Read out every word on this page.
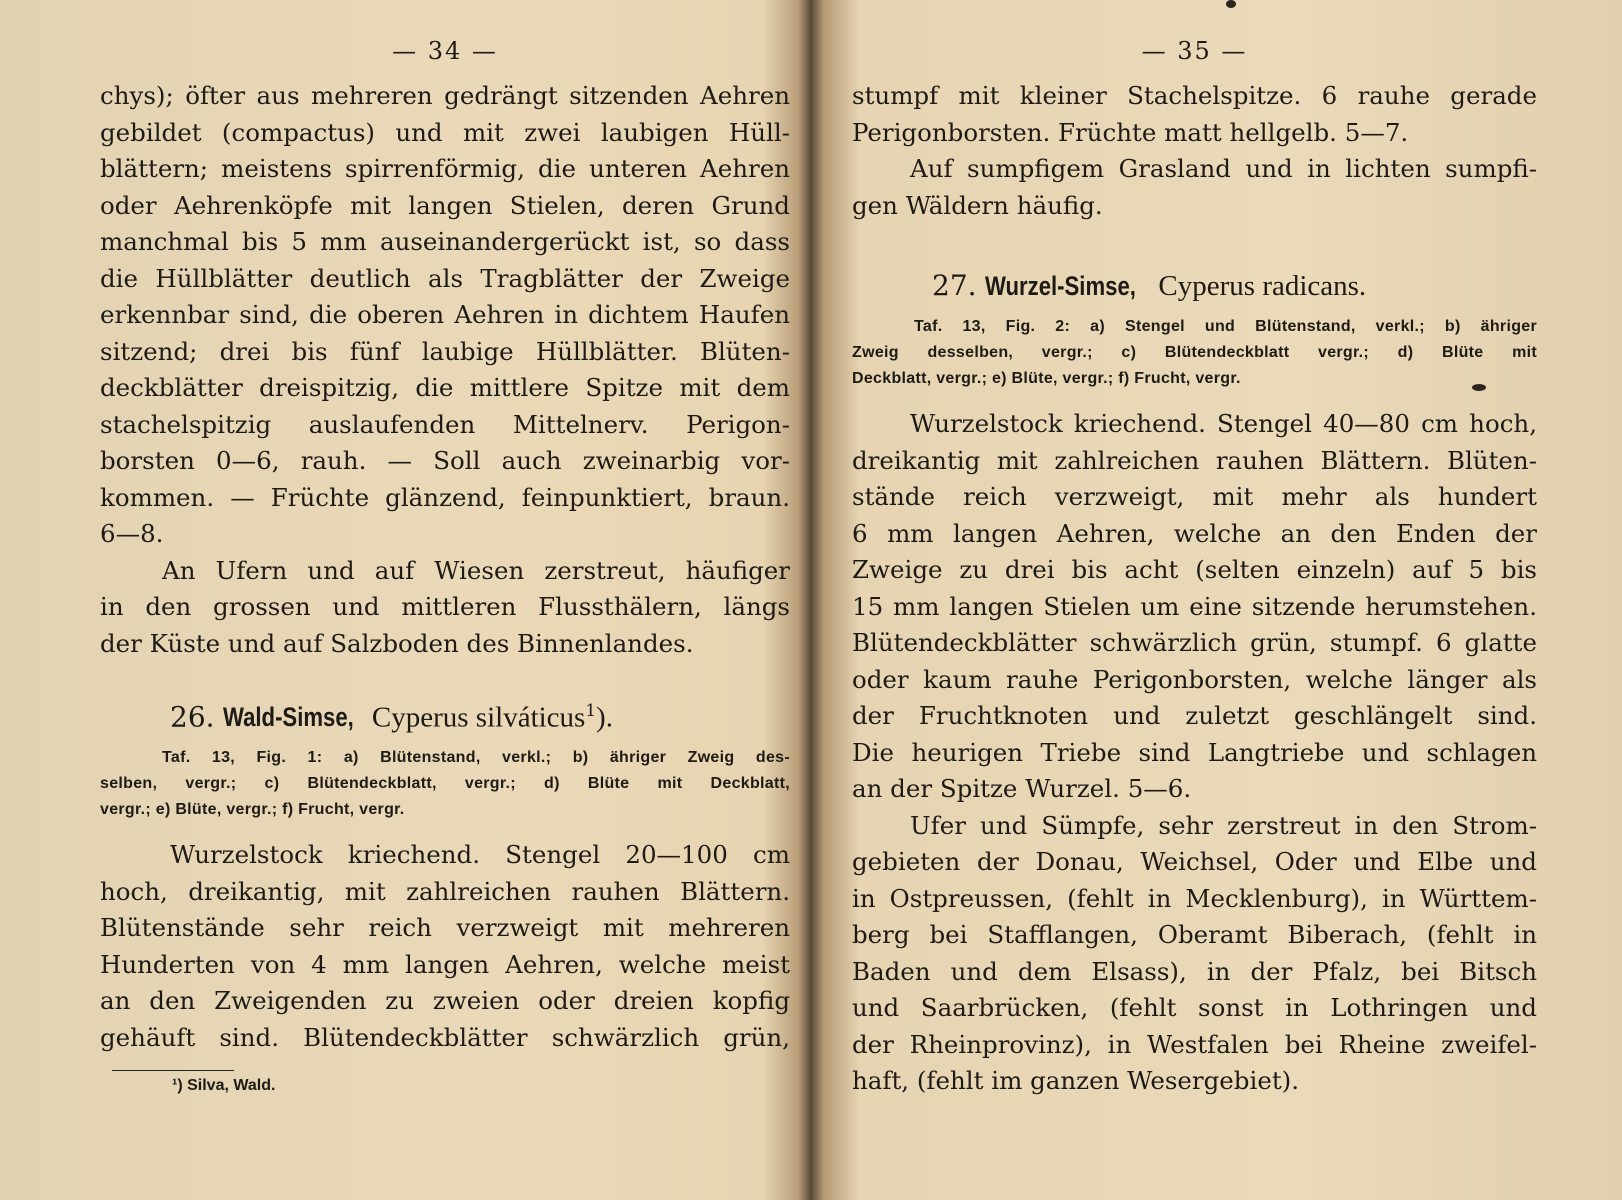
— 34 —

chys); öfter aus mehreren gedrängt sitzenden Aehren
gebildet (compactus) und mit zwei laubigen Hüll-
blättern; meistens spirrenförmig, die unteren Aehren
oder Aehrenköpfe mit langen Stielen, deren Grund
manchmal bis 5 mm auseinandergerückt ist, so dass
die Hüllblätter deutlich als Tragblätter der Zweige
erkennbar sind, die oberen Aehren in dichtem Haufen
sitzend; drei bis fünf laubige Hüllblätter. Blüten-
deckblätter dreispitzig, die mittlere Spitze mit dem
stachelspitzig auslaufenden Mittelnerv. Perigon-
borsten 0—6, rauh. — Soll auch zweinarbig vor-
kommen. — Früchte glänzend, feinpunktiert, braun.
6—8.

An Ufern und auf Wiesen zerstreut, häufiger
in den grossen und mittleren Flussthälern, längs
der Küste und auf Salzboden des Binnenlandes.

26. Wald-Simse, Cyperus silváticus$^1$).
Taf. 13, Fig. 1: a) Blütenstand, verkl.; b) ähriger Zweig des-
selben, vergr.; c) Blütendeckblatt, vergr.; d) Blüte mit Deckblatt,
vergr.; e) Blüte, vergr.; f) Frucht, vergr.

Wurzelstock kriechend. Stengel 20—100 cm
hoch, dreikantig, mit zahlreichen rauhen Blättern.
Blütenstände sehr reich verzweigt mit mehreren
Hunderten von 4 mm langen Aehren, welche meist
an den Zweigenden zu zweien oder dreien kopfig
gehäuft sind. Blütendeckblätter schwärzlich grün,

¹) Silva, Wald.
— 35 —

stumpf mit kleiner Stachelspitze. 6 rauhe gerade
Perigonborsten. Früchte matt hellgelb. 5—7.

Auf sumpfigem Grasland und in lichten sumpfi-
gen Wäldern häufig.

27. Wurzel-Simse, Cyperus radicans.
Taf. 13, Fig. 2: a) Stengel und Blütenstand, verkl.; b) ähriger
Zweig desselben, vergr.; c) Blütendeckblatt vergr.; d) Blüte mit
Deckblatt, vergr.; e) Blüte, vergr.; f) Frucht, vergr.

Wurzelstock kriechend. Stengel 40—80 cm hoch,
dreikantig mit zahlreichen rauhen Blättern. Blüten-
stände reich verzweigt, mit mehr als hundert
6 mm langen Aehren, welche an den Enden der
Zweige zu drei bis acht (selten einzeln) auf 5 bis
15 mm langen Stielen um eine sitzende herumstehen.
Blütendeckblätter schwärzlich grün, stumpf. 6 glatte
oder kaum rauhe Perigonborsten, welche länger als
der Fruchtknoten und zuletzt geschlängelt sind.
Die heurigen Triebe sind Langtriebe und schlagen
an der Spitze Wurzel. 5—6.

Ufer und Sümpfe, sehr zerstreut in den Strom-
gebieten der Donau, Weichsel, Oder und Elbe und
in Ostpreussen, (fehlt in Mecklenburg), in Württem-
berg bei Stafflangen, Oberamt Biberach, (fehlt in
Baden und dem Elsass), in der Pfalz, bei Bitsch
und Saarbrücken, (fehlt sonst in Lothringen und
der Rheinprovinz), in Westfalen bei Rheine zweifel-
haft, (fehlt im ganzen Wesergebiet).
